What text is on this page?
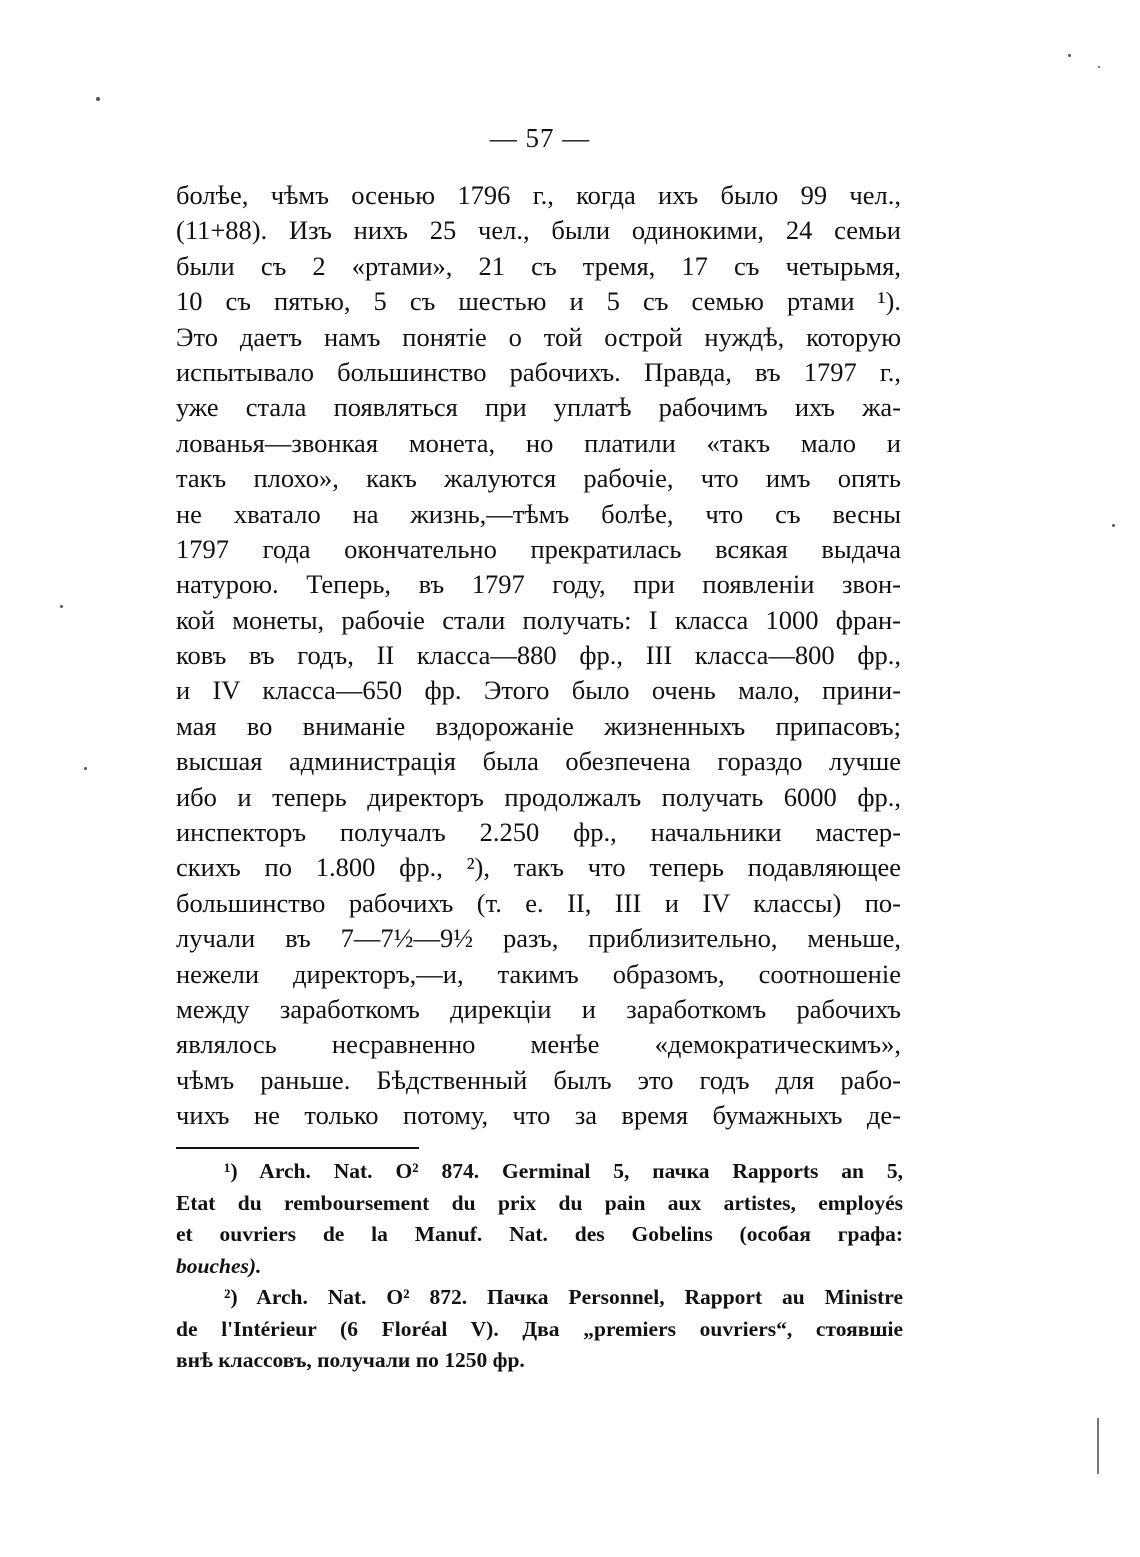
— 57 —
болѣе, чѣмъ осенью 1796 г., когда ихъ было 99 чел.,
(11+88). Изъ нихъ 25 чел., были одинокими, 24 семьи
были съ 2 «ртами», 21 съ тремя, 17 съ четырьмя,
10 съ пятью, 5 съ шестью и 5 съ семью ртами ¹).
Это даетъ намъ понятіе о той острой нуждѣ, которую
испытывало большинство рабочихъ. Правда, въ 1797 г.,
уже стала появляться при уплатѣ рабочимъ ихъ жа-
лованья—звонкая монета, но платили «такъ мало и
такъ плохо», какъ жалуются рабочіе, что имъ опять
не хватало на жизнь,—тѣмъ болѣе, что съ весны
1797 года окончательно прекратилась всякая выдача
натурою. Теперь, въ 1797 году, при появленіи звон-
кой монеты, рабочіе стали получать: I класса 1000 фран-
ковъ въ годъ, II класса—880 фр., III класса—800 фр.,
и IV класса—650 фр. Этого было очень мало, прини-
мая во вниманіе вздорожаніе жизненныхъ припасовъ;
высшая администрація была обезпечена гораздо лучше
ибо и теперь директоръ продолжалъ получать 6000 фр.,
инспекторъ получалъ 2.250 фр., начальники мастер-
скихъ по 1.800 фр., ²), такъ что теперь подавляющее
большинство рабочихъ (т. е. II, III и IV классы) по-
лучали въ 7—7½—9½ разъ, приблизительно, меньше,
нежели директоръ,—и, такимъ образомъ, соотношеніе
между заработкомъ дирекціи и заработкомъ рабочихъ
являлось несравненно менѣе «демократическимъ»,
чѣмъ раньше. Бѣдственный былъ это годъ для рабо-
чихъ не только потому, что за время бумажныхъ де-
¹) Arch. Nat. O² 874. Germinal 5, пачка Rapports an 5,
Etat du remboursement du prix du pain aux artistes, employés
et ouvriers de la Manuf. Nat. des Gobelins (особая графа:
bouches).
²) Arch. Nat. O² 872. Пачка Personnel, Rapport au Ministre
de l'Intérieur (6 Floréal V). Два „premiers ouvriers“, стоявшіе
внѣ классовъ, получали по 1250 фр.
